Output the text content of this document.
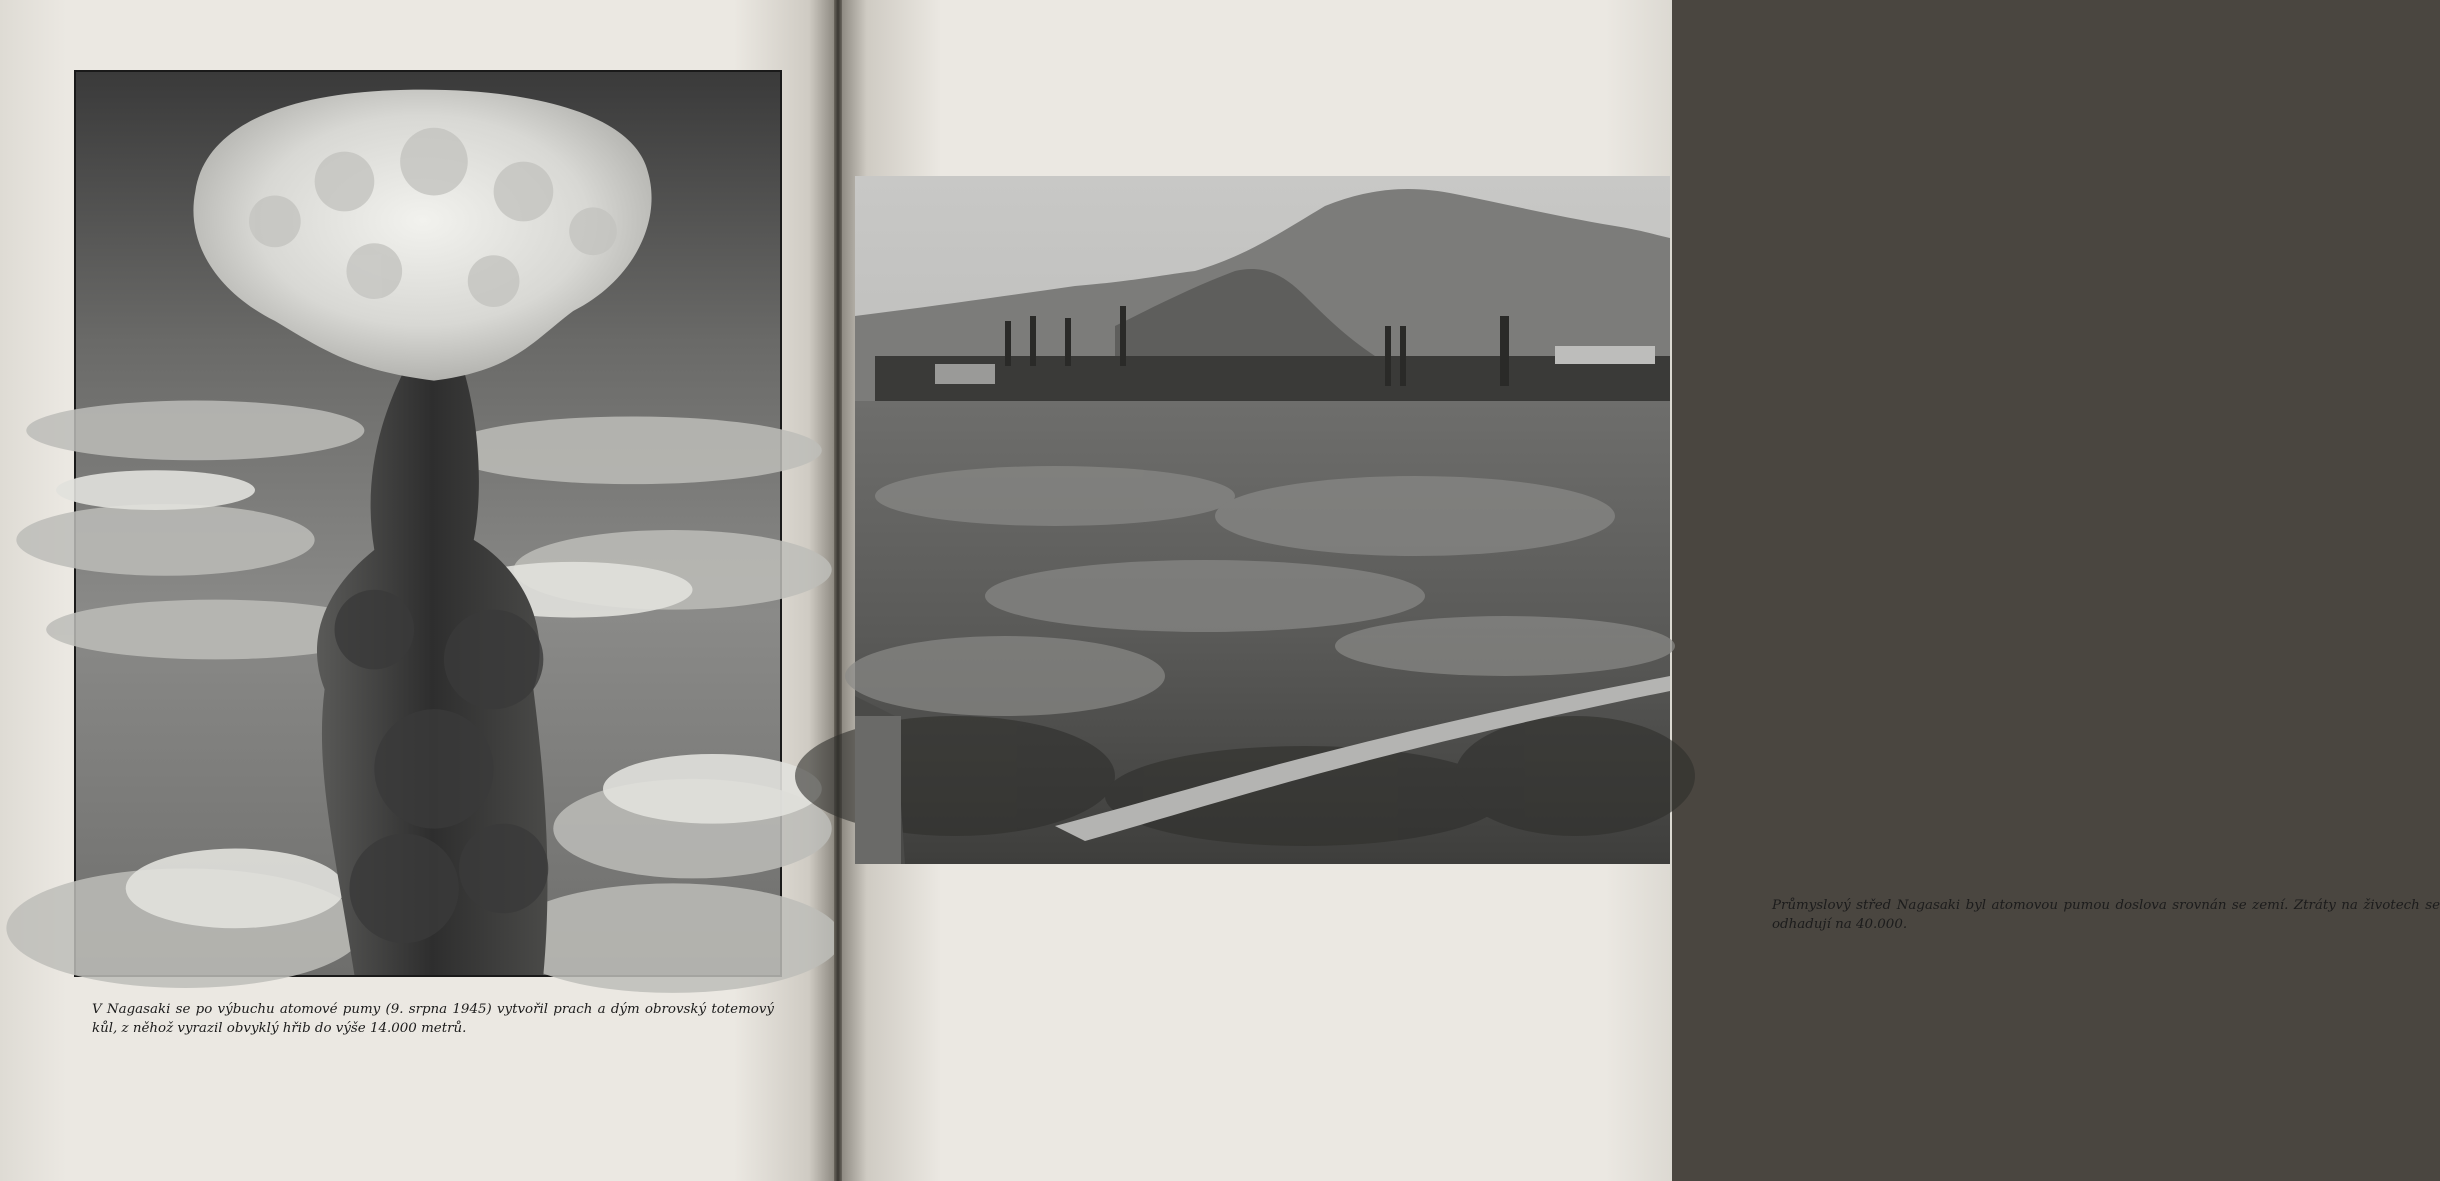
V Nagasaki se po výbuchu atomové pumy (9. srpna 1945) vytvořil prach a dým obrovský totemový kůl, z něhož vyrazil obvyklý hřib do výše 14.000 metrů.
Průmyslový střed Nagasaki byl atomovou pumou doslova srovnán se zemí. Ztráty na životech se odhadují na 40.000.
